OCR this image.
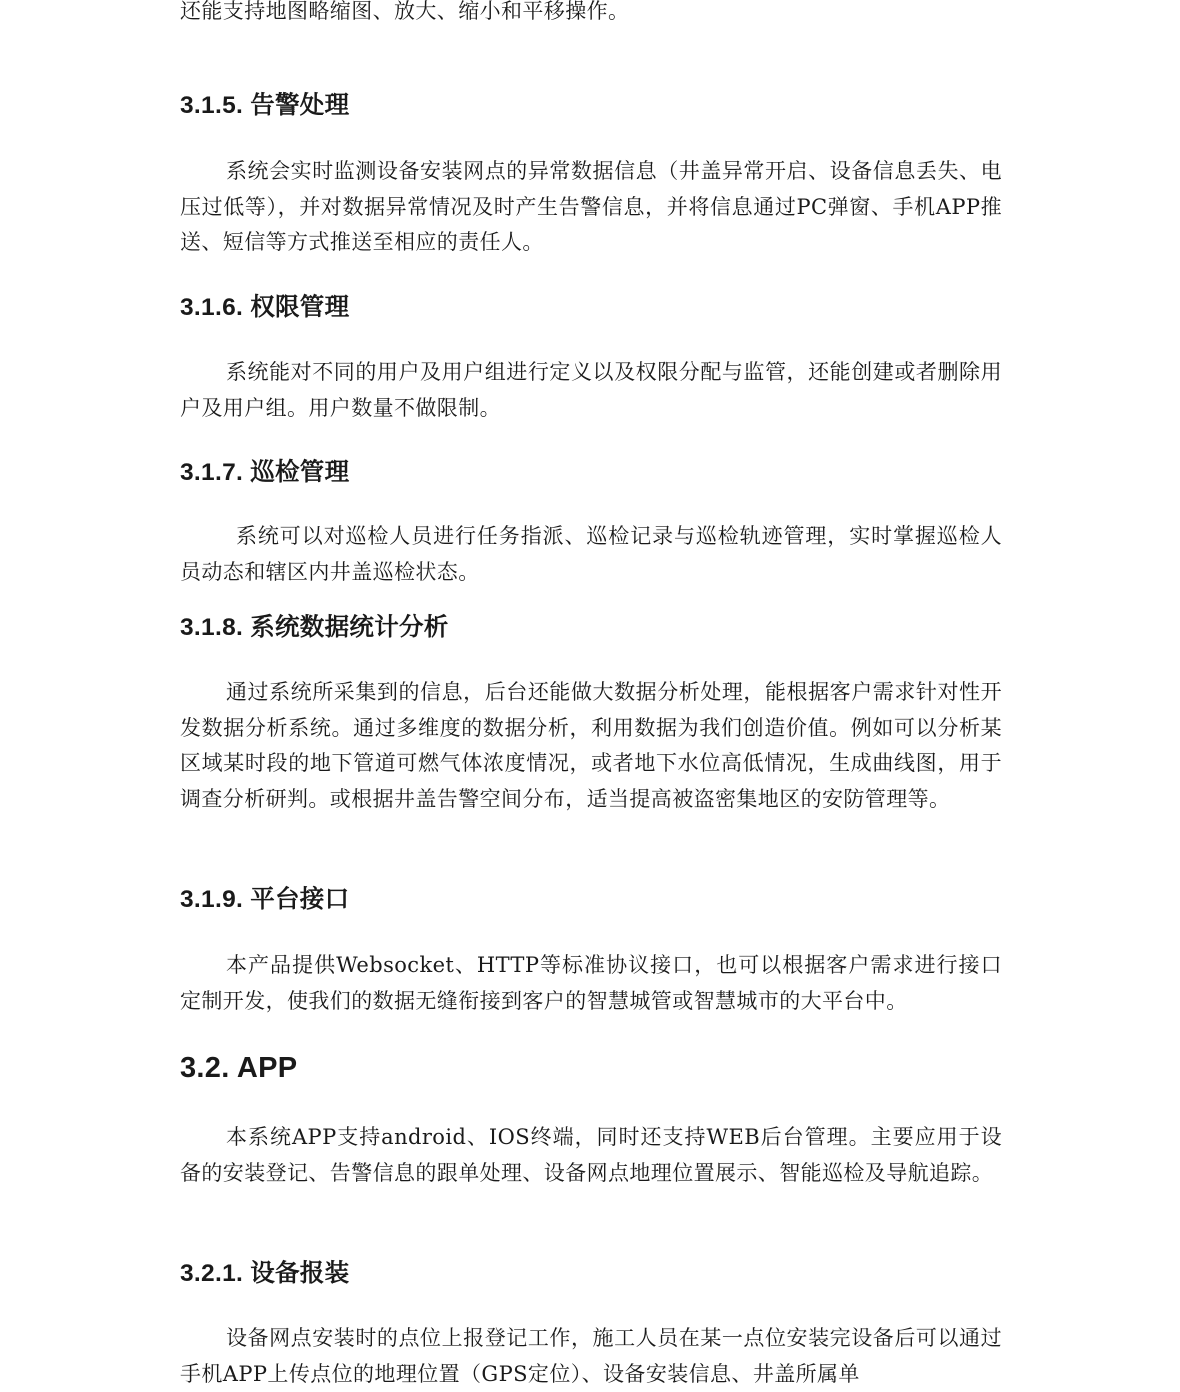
还能支持地图略缩图、放大、缩小和平移操作。

3.1.5. 告警处理

系统会实时监测设备安装网点的异常数据信息（井盖异常开启、设备信息丢失、电压过低等），并对数据异常情况及时产生告警信息，并将信息通过PC弹窗、手机APP推送、短信等方式推送至相应的责任人。

3.1.6. 权限管理

系统能对不同的用户及用户组进行定义以及权限分配与监管，还能创建或者删除用户及用户组。用户数量不做限制。

3.1.7. 巡检管理

系统可以对巡检人员进行任务指派、巡检记录与巡检轨迹管理，实时掌握巡检人员动态和辖区内井盖巡检状态。

3.1.8. 系统数据统计分析

通过系统所采集到的信息，后台还能做大数据分析处理，能根据客户需求针对性开发数据分析系统。通过多维度的数据分析，利用数据为我们创造价值。例如可以分析某区域某时段的地下管道可燃气体浓度情况，或者地下水位高低情况，生成曲线图，用于调查分析研判。或根据井盖告警空间分布，适当提高被盗密集地区的安防管理等。

3.1.9. 平台接口

本产品提供Websocket、HTTP等标准协议接口，也可以根据客户需求进行接口定制开发，使我们的数据无缝衔接到客户的智慧城管或智慧城市的大平台中。

3.2. APP

本系统APP支持android、IOS终端，同时还支持WEB后台管理。主要应用于设备的安装登记、告警信息的跟单处理、设备网点地理位置展示、智能巡检及导航追踪。

3.2.1. 设备报装

设备网点安装时的点位上报登记工作，施工人员在某一点位安装完设备后可以通过手机APP上传点位的地理位置（GPS定位）、设备安装信息、井盖所属单
